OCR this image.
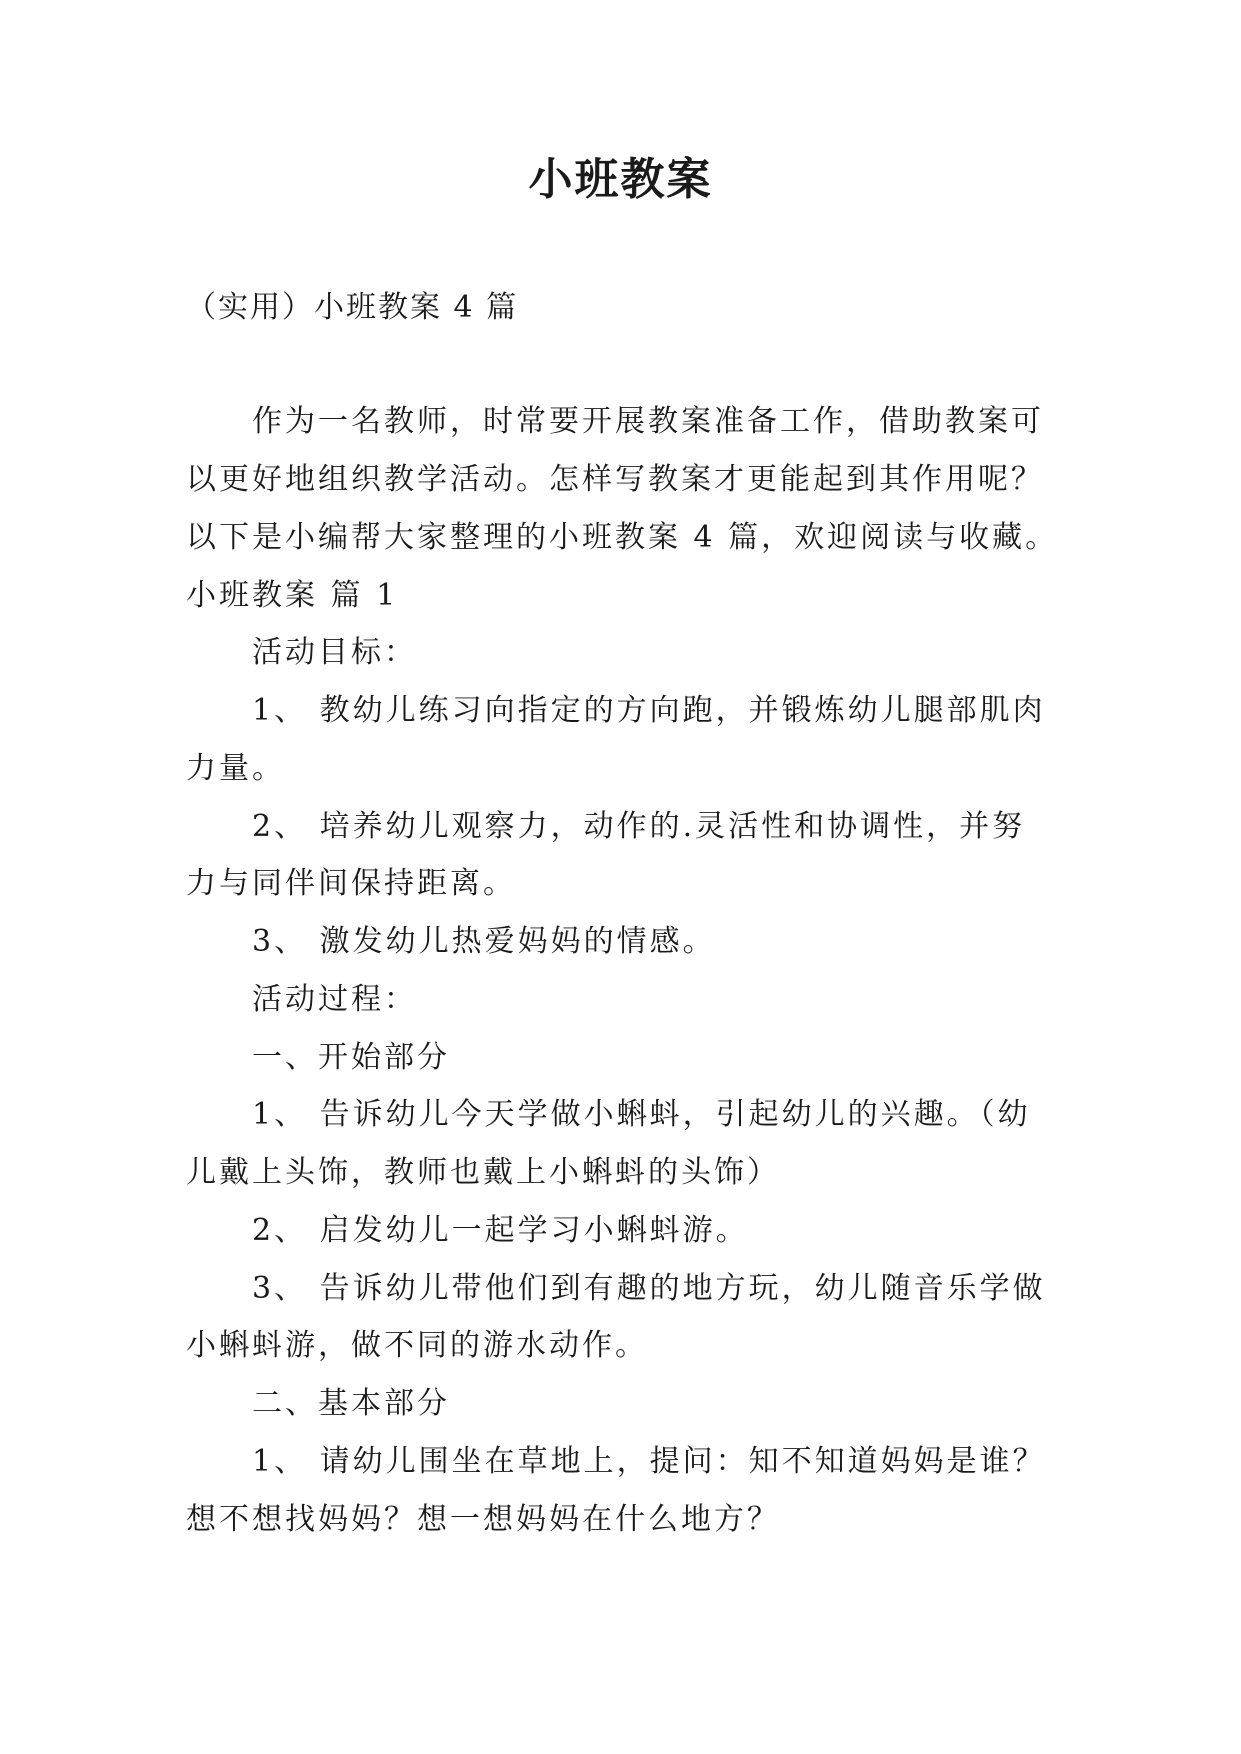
小班教案
（实用）小班教案 4 篇
作为一名教师，时常要开展教案准备工作，借助教案可
以更好地组织教学活动。怎样写教案才更能起到其作用呢？
以下是小编帮大家整理的小班教案 4 篇，欢迎阅读与收藏。
小班教案 篇 1
活动目标：
1、 教幼儿练习向指定的方向跑，并锻炼幼儿腿部肌肉
力量。
2、 培养幼儿观察力，动作的.灵活性和协调性，并努
力与同伴间保持距离。
3、 激发幼儿热爱妈妈的情感。
活动过程：
一、开始部分
1、 告诉幼儿今天学做小蝌蚪，引起幼儿的兴趣。（幼
儿戴上头饰，教师也戴上小蝌蚪的头饰）
2、 启发幼儿一起学习小蝌蚪游。
3、 告诉幼儿带他们到有趣的地方玩，幼儿随音乐学做
小蝌蚪游，做不同的游水动作。
二、基本部分
1、 请幼儿围坐在草地上，提问：知不知道妈妈是谁？
想不想找妈妈？想一想妈妈在什么地方？
